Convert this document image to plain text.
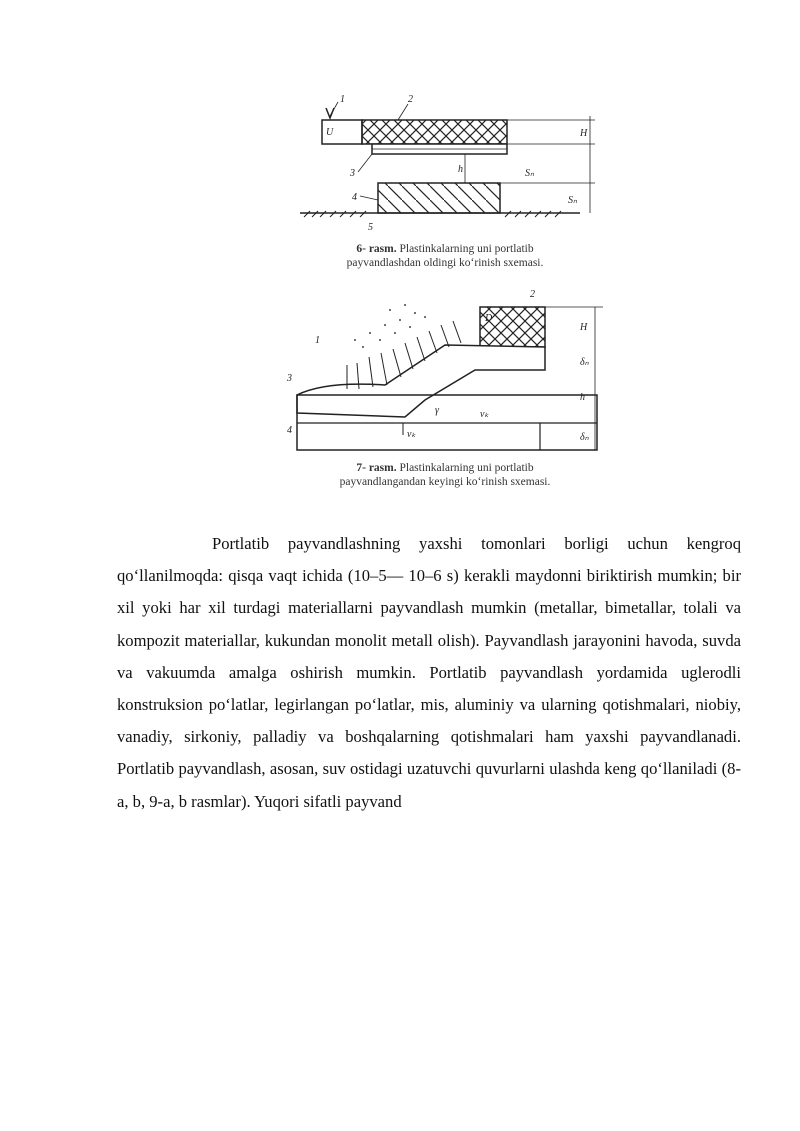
U
1	2
3
4
5
H
h	Sₙ
Sₙ
6- rasm. Plastinkalarning uni portlatib
payvandlashdan oldingi ko‘rinish sxemasi.
D
1
2
3
4
H
δₙ
h
δₙ
γ	vₖ
vₖ
7- rasm. Plastinkalarning uni portlatib
payvandlangandan keyingi ko‘rinish sxemasi.

Portlatib payvandlashning yaxshi tomonlari borligi uchun kengroq qo‘llanilmoqda: qisqa vaqt ichida (10–5— 10–6 s) kerakli maydonni biriktirish mumkin; bir xil yoki har xil turdagi materiallarni payvandlash mumkin (metallar, bimetallar, tolali va kompozit materiallar, kukundan monolit metall olish). Payvandlash jarayonini havoda, suvda va vakuumda amalga oshirish mumkin. Portlatib payvandlash yordamida uglerodli konstruksion po‘latlar, legirlangan po‘latlar, mis, aluminiy va ularning qotishmalari, niobiy, vanadiy, sirkoniy, palladiy va boshqalarning qotishmalari ham yaxshi payvandlanadi. Portlatib payvandlash, asosan, suv ostidagi uzatuvchi quvurlarni ulashda keng qo‘llaniladi (8-a, b, 9-a, b rasmlar). Yuqori sifatli payvand
